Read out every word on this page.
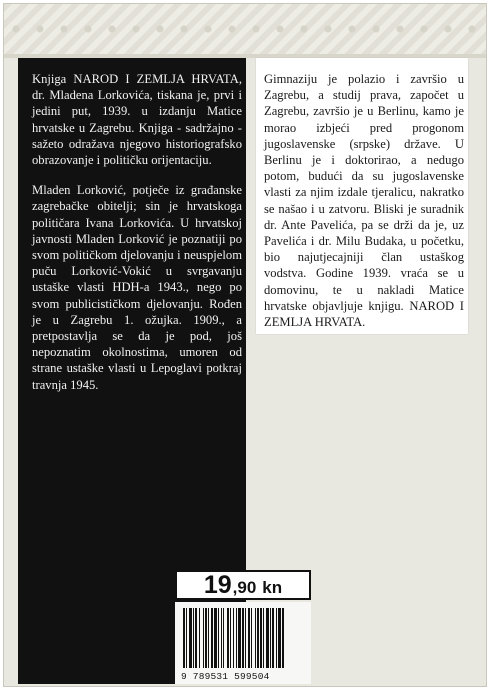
Knjiga NAROD I ZEMLJA HRVATA, dr. Mladena Lorkovića, tiskana je, prvi i jedini put, 1939. u izdanju Matice hrvatske u Zagrebu. Knjiga - sadržajno - sažeto odražava njegovo historiografsko obrazovanje i političku orijentaciju.

Mladen Lorković, potječe iz građanske zagrebačke obitelji; sin je hrvatskoga političara Ivana Lorkovića. U hrvatskoj javnosti Mladen Lorković je poznatiji po svom političkom djelovanju i neuspjelom puču Lorković-Vokić u svrgavanju ustaške vlasti HDH-a 1943., nego po svom publicističkom djelovanju. Rođen je u Zagrebu 1. ožujka. 1909., a pretpostavlja se da je pod, još nepoznatim okolnostima, umoren od strane ustaške vlasti u Lepoglavi potkraj travnja 1945.

Gimnaziju je polazio i završio u Zagrebu, a studij prava, započet u Zagrebu, završio je u Berlinu, kamo je morao izbjeći pred progonom jugoslavenske (srpske) države. U Berlinu je i doktorirao, a nedugo potom, budući da su jugoslavenske vlasti za njim izdale tjeralicu, nakratko se našao i u zatvoru. Bliski je suradnik dr. Ante Pavelića, pa se drži da je, uz Pavelića i dr. Milu Budaka, u početku, bio najutjecajniji član ustaškog vodstva. Godine 1939. vraća se u domovinu, te u nakladi Matice hrvatske objavljuje knjigu. NAROD I ZEMLJA HRVATA.

19 ,90 kn
9 789531 599504
